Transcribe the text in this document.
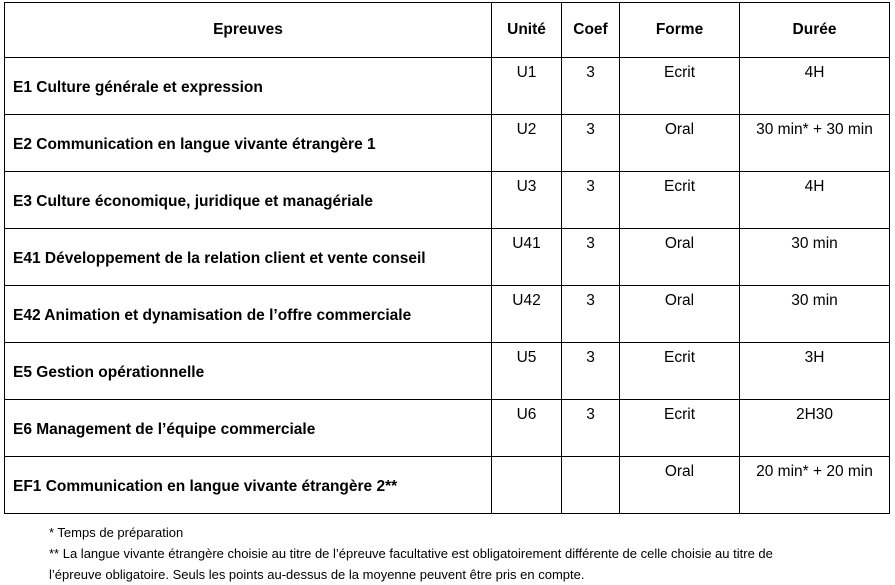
Epreuves	Unité	Coef	Forme	Durée
E1 Culture générale et expression	U1	3	Ecrit	4H
E2 Communication en langue vivante étrangère 1	U2	3	Oral	30 min* + 30 min
E3 Culture économique, juridique et managériale	U3	3	Ecrit	4H
E41 Développement de la relation client et vente conseil	U41	3	Oral	30 min
E42 Animation et dynamisation de l’offre commerciale	U42	3	Oral	30 min
E5 Gestion opérationnelle	U5	3	Ecrit	3H
E6 Management de l’équipe commerciale	U6	3	Ecrit	2H30
EF1 Communication en langue vivante étrangère 2**			Oral	20 min* + 20 min
* Temps de préparation
** La langue vivante étrangère choisie au titre de l’épreuve facultative est obligatoirement différente de celle choisie au titre de
l’épreuve obligatoire. Seuls les points au-dessus de la moyenne peuvent être pris en compte.
